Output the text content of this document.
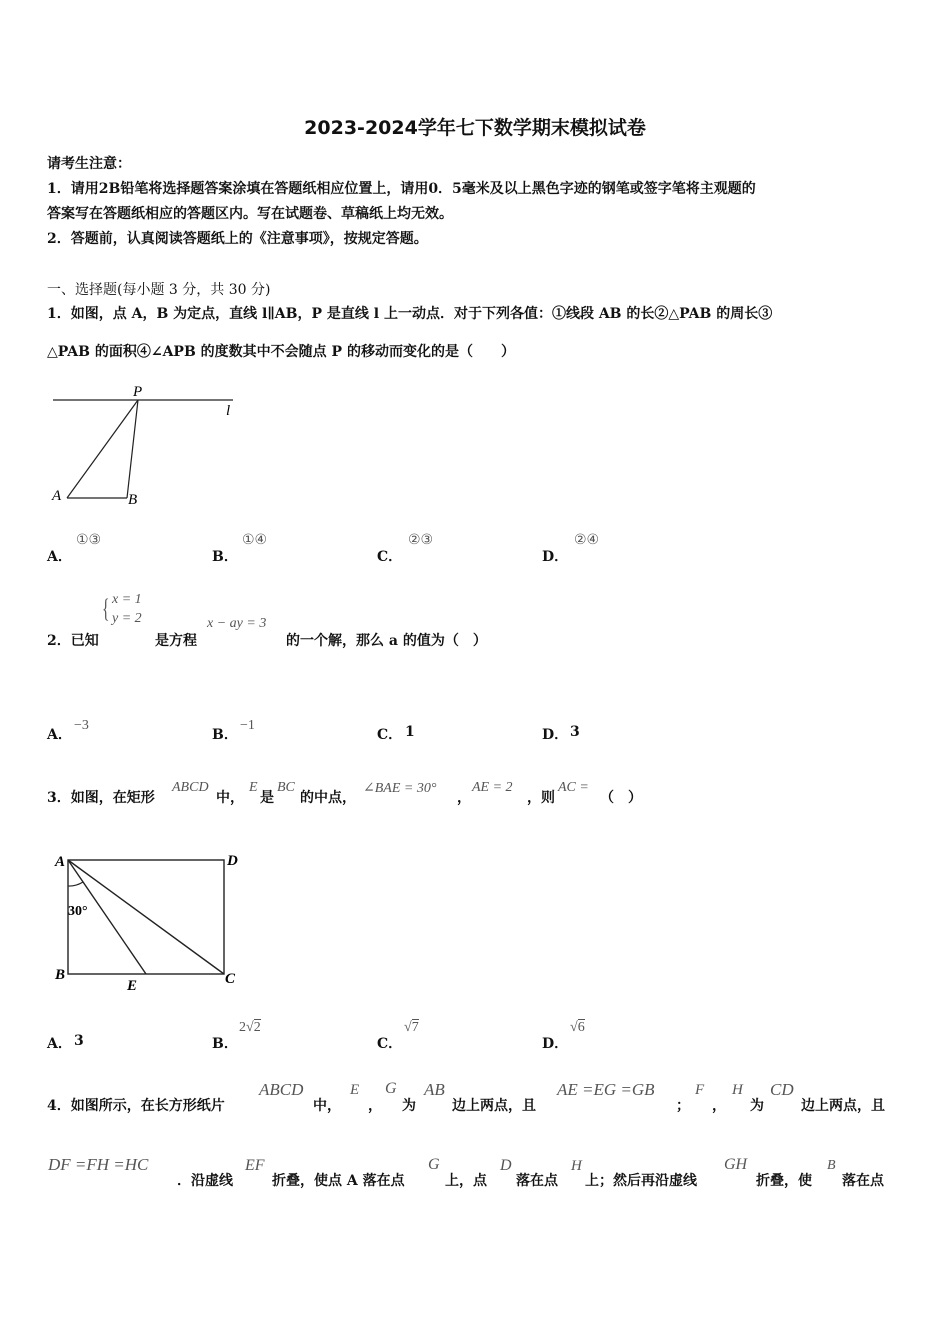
2023-2024学年七下数学期末模拟试卷
请考生注意：
1．请用2B铅笔将选择题答案涂填在答题纸相应位置上，请用0．5毫米及以上黑色字迹的钢笔或签字笔将主观题的
答案写在答题纸相应的答题区内。写在试题卷、草稿纸上均无效。
2．答题前，认真阅读答题纸上的《注意事项》，按规定答题。
一、选择题(每小题 3 分，共 30 分)
1．如图，点 A，B 为定点，直线 l∥AB，P 是直线 l 上一动点．对于下列各值：①线段 AB 的长②△PAB 的周长③
△PAB 的面积④∠APB 的度数其中不会随点 P 的移动而变化的是（　　）
P
l
A	B
A．
①③
B．
①④
C．
②③
D．
②④
2．已知
{ x = 1
y = 2
是方程
x − ay = 3
的一个解，那么 a 的值为（　）
A．
−3
B．
−1
C． 1	D． 3
3．如图，在矩形
ABCD
中，
E
是
BC
的中点，
∠BAE = 30°
，
AE = 2
，则
AC =
（　）
A	D
B
E	C
30°
A． 3	B．
2√2
C．
√7
D．
√6
4．如图所示，在长方形纸片
ABCD
中，
E
，
G
为
AB
边上两点，且
AE =EG =GB
；
F
，
H
为
CD
边上两点，且
DF =FH =HC
．沿虚线
EF
折叠，使点 A 落在点
G
上，点
D
落在点
H
上；然后再沿虚线
GH
折叠，使
B
落在点
